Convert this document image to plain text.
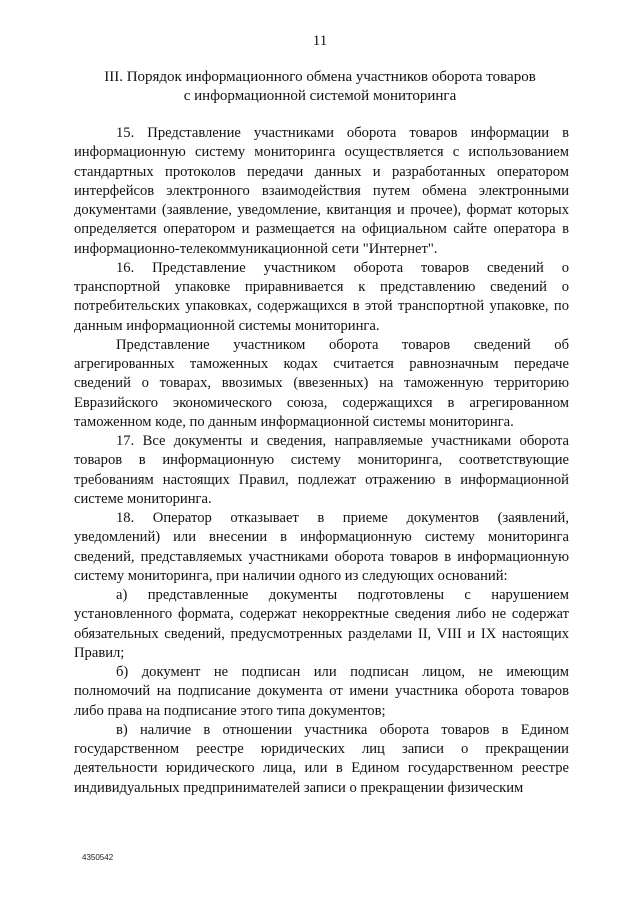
11
III. Порядок информационного обмена участников оборота товаров
с информационной системой мониторинга

15. Представление участниками оборота товаров информации в информационную систему мониторинга осуществляется с использованием стандартных протоколов передачи данных и разработанных оператором интерфейсов электронного взаимодействия путем обмена электронными документами (заявление, уведомление, квитанция и прочее), формат которых определяется оператором и размещается на официальном сайте оператора в информационно-телекоммуникационной сети "Интернет".

16. Представление участником оборота товаров сведений о транспортной упаковке приравнивается к представлению сведений о потребительских упаковках, содержащихся в этой транспортной упаковке, по данным информационной системы мониторинга.

Представление участником оборота товаров сведений об агрегированных таможенных кодах считается равнозначным передаче сведений о товарах, ввозимых (ввезенных) на таможенную территорию Евразийского экономического союза, содержащихся в агрегированном таможенном коде, по данным информационной системы мониторинга.

17. Все документы и сведения, направляемые участниками оборота товаров в информационную систему мониторинга, соответствующие требованиям настоящих Правил, подлежат отражению в информационной системе мониторинга.

18. Оператор отказывает в приеме документов (заявлений, уведомлений) или внесении в информационную систему мониторинга сведений, представляемых участниками оборота товаров в информационную систему мониторинга, при наличии одного из следующих оснований:

а) представленные документы подготовлены с нарушением установленного формата, содержат некорректные сведения либо не содержат обязательных сведений, предусмотренных разделами II, VIII и IX настоящих Правил;

б) документ не подписан или подписан лицом, не имеющим полномочий на подписание документа от имени участника оборота товаров либо права на подписание этого типа документов;

в) наличие в отношении участника оборота товаров в Едином государственном реестре юридических лиц записи о прекращении деятельности юридического лица, или в Едином государственном реестре индивидуальных предпринимателей записи о прекращении физическим

4350542
